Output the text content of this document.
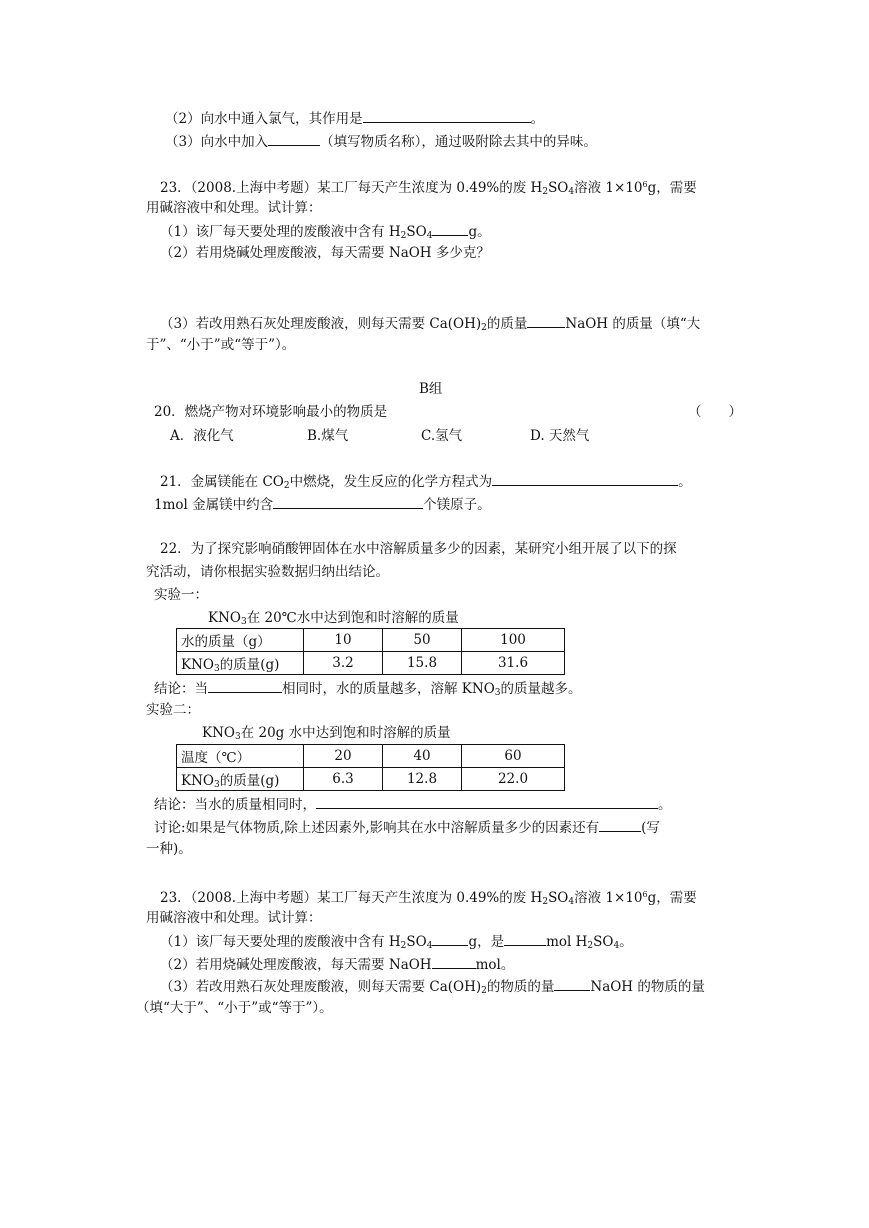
（2）向水中通入氯气，其作用是	。
（3）向水中加入	（填写物质名称），通过吸附除去其中的异味。
23．（2008.上海中考题）某工厂每天产生浓度为 0.49%的废 $H_2SO_4$溶液 $1\times 10^6g$，需要
用碱溶液中和处理。试计算：
（1）该厂每天要处理的废酸液中含有 $H_2SO_4$	g。
（2）若用烧碱处理废酸液，每天需要 NaOH 多少克？
（3）若改用熟石灰处理废酸液，则每天需要 $Ca(OH)_2$的质量	NaOH 的质量（填“大
于”、“小于”或“等于”）。
B组
20．燃烧产物对环境影响最小的物质是	（　　）
A．液化气	B.煤气	C.氢气	D. 天然气
21．金属镁能在 $CO_2$中燃烧，发生反应的化学方程式为	。
1mol 金属镁中约含	个镁原子。
22．为了探究影响硝酸钾固体在水中溶解质量多少的因素，某研究小组开展了以下的探
究活动，请你根据实验数据归纳出结论。
实验一：
$KNO_3$在 20℃水中达到饱和时溶解的质量
水的质量（g）	10	50	100
$KNO_3$的质量(g)	3.2	15.8	31.6
结论：当	相同时，水的质量越多，溶解 $KNO_3$的质量越多。
实验二：
$KNO_3$在 20g 水中达到饱和时溶解的质量
温度（℃）	20	40	60
$KNO_3$的质量(g)	6.3	12.8	22.0
结论：当水的质量相同时，	。
讨论:如果是气体物质,除上述因素外,影响其在水中溶解质量多少的因素还有	(写
一种)。
23．（2008.上海中考题）某工厂每天产生浓度为 0.49%的废 $H_2SO_4$溶液 $1\times 10^6g$，需要
用碱溶液中和处理。试计算：
（1）该厂每天要处理的废酸液中含有 $H_2SO_4$	g，是	mol $H_2SO_4$。
（2）若用烧碱处理废酸液，每天需要 NaOH	mol。
（3）若改用熟石灰处理废酸液，则每天需要 $Ca(OH)_2$的物质的量	NaOH 的物质的量
（填“大于”、“小于”或“等于”）。
